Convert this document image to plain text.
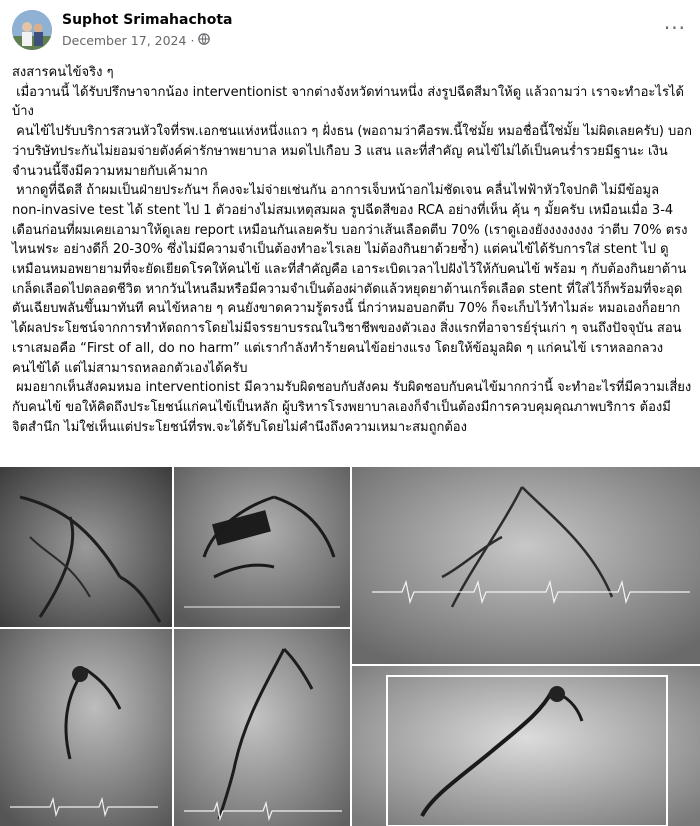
Suphot Srimahachota
December 17, 2024 ·
···

สงสารคนไข้จริง ๆ

เมื่อวานนี้ ได้รับปรึกษาจากน้อง interventionist จากต่างจังหวัดท่านหนึ่ง ส่งรูปฉีดสีมาให้ดู แล้วถามว่า เราจะทำอะไรได้บ้าง

คนไข้ไปรับบริการสวนหัวใจที่รพ.เอกชนแห่งหนึ่งแถว ๆ ฝั่งธน (พอถามว่าคือรพ.นี้ใช่มั้ย หมอชื่อนี้ใช่มั้ย ไม่ผิดเลยครับ) บอกว่าบริษัทประกันไม่ยอมจ่ายตังค์ค่ารักษาพยาบาล หมดไปเกือบ 3 แสน และที่สำคัญ คนไข้ไม่ได้เป็นคนร่ำรวยมีฐานะ เงินจำนวนนี้จึงมีความหมายกับเค้ามาก

หากดูที่ฉีดสี ถ้าผมเป็นฝ่ายประกันฯ ก็คงจะไม่จ่ายเช่นกัน อาการเจ็บหน้าอกไม่ชัดเจน คลื่นไฟฟ้าหัวใจปกติ ไม่มีข้อมูล non-invasive test ได้ stent ไป 1 ตัวอย่างไม่สมเหตุสมผล รูปฉีดสีของ RCA อย่างที่เห็น คุ้น ๆ มั้ยครับ เหมือนเมื่อ 3-4 เดือนก่อนที่ผมเคยเอามาให้ดูเลย report เหมือนกันเลยครับ บอกว่าเส้นเลือดตีบ 70% (เราดูเองยังงงงงงงง ว่าตีบ 70% ตรงไหนฟระ อย่างดีก็ 20-30% ซึ่งไม่มีความจำเป็นต้องทำอะไรเลย ไม่ต้องกินยาด้วยซ้ำ) แต่คนไข้ได้รับการใส่ stent ไป ดูเหมือนหมอพยายามที่จะยัดเยียดโรคให้คนไข้ และที่สำคัญคือ เอาระเบิดเวลาไปฝังไว้ให้กับคนไข้ พร้อม ๆ กับต้องกินยาต้านเกล็ดเลือดไปตลอดชีวิต หากวันไหนลืมหรือมีความจำเป็นต้องผ่าตัดแล้วหยุดยาต้านเกร็ดเลือด stent ที่ใส่ไว้ก็พร้อมที่จะอุดตันเฉียบพลันขึ้นมาทันที คนไข้หลาย ๆ คนยังขาดความรู้ตรงนี้ นี่กว่าหมอบอกตีบ 70% ก็จะเก็บไว้ทำไมล่ะ หมอเองก็อยากได้ผลประโยชน์จากการทำหัตถการโดยไม่มีจรรยาบรรณในวิชาชีพของตัวเอง สิ่งแรกที่อาจารย์รุ่นเก่า ๆ จนถึงปัจจุบัน สอนเราเสมอคือ “First of all, do no harm” แต่เรากำลังทำร้ายคนไข้อย่างแรง โดยให้ข้อมูลผิด ๆ แก่คนไข้ เราหลอกลวงคนไข้ได้ แต่ไม่สามารถหลอกตัวเองได้ครับ

ผมอยากเห็นสังคมหมอ interventionist มีความรับผิดชอบกับสังคม รับผิดชอบกับคนไข้มากกว่านี้ จะทำอะไรที่มีความเสี่ยงกับคนไข้ ขอให้คิดถึงประโยชน์แก่คนไข้เป็นหลัก ผู้บริหารโรงพยาบาลเองก็จำเป็นต้องมีการควบคุมคุณภาพบริการ ต้องมีจิตสำนึก ไม่ใช่เห็นแต่ประโยชน์ที่รพ.จะได้รับโดยไม่คำนึงถึงความเหมาะสมถูกต้อง
